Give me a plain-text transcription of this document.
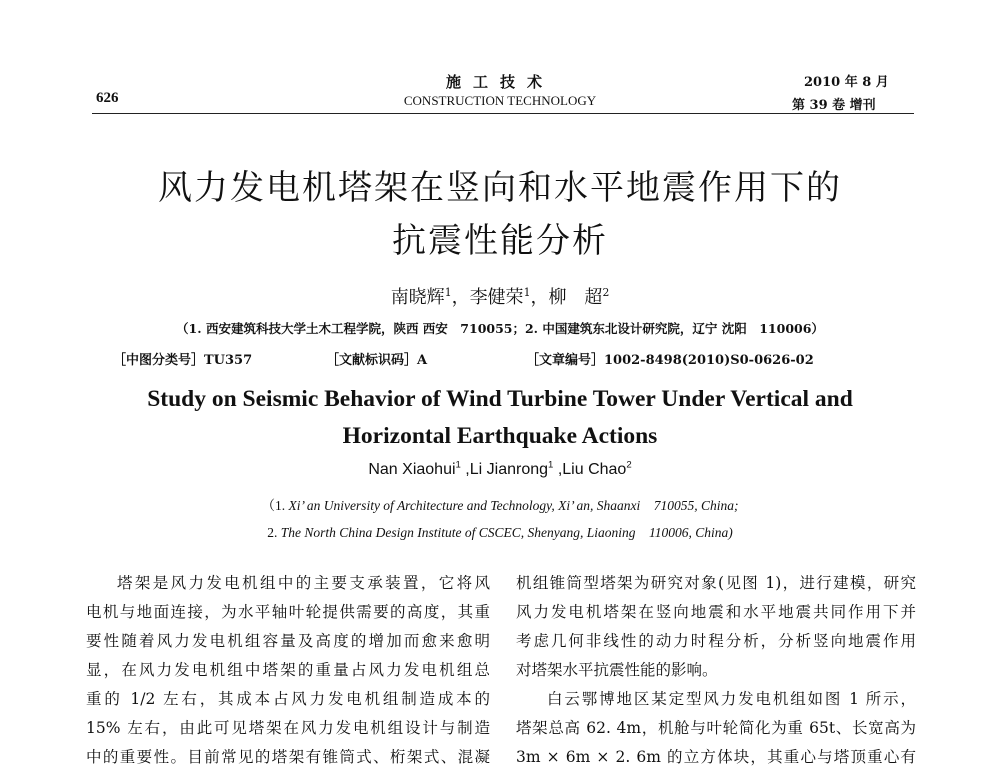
626
施工技术
CONSTRUCTION TECHNOLOGY
2010 年 8 月
第 39 卷 增刊
风力发电机塔架在竖向和水平地震作用下的
抗震性能分析
南晓辉$^1$，李健荣$^1$，柳　超$^2$
（1. 西安建筑科技大学土木工程学院，陕西 西安　710055；2. 中国建筑东北设计研究院，辽宁 沈阳　110006）
［中图分类号］TU357	［文献标识码］A	［文章编号］1002-8498(2010)S0-0626-02
Study on Seismic Behavior of Wind Turbine Tower Under Vertical and
Horizontal Earthquake Actions
Nan Xiaohui$^1$ ,Li Jianrong$^1$ ,Liu Chao$^2$
（1. Xi’ an University of Architecture and Technology, Xi’ an, Shaanxi　710055, China;
2. The North China Design Institute of CSCEC, Shenyang, Liaoning　110006, China)
塔架是风力发电机组中的主要支承装置，它将风
电机与地面连接，为水平轴叶轮提供需要的高度，其重
要性随着风力发电机组容量及高度的增加而愈来愈明
显，在风力发电机组中塔架的重量占风力发电机组总
重的 1/2 左右，其成本占风力发电机组制造成本的
15% 左右，由此可见塔架在风力发电机组设计与制造
中的重要性。目前常见的塔架有锥筒式、桁架式、混凝
机组锥筒型塔架为研究对象(见图 1)，进行建模，研究
风力发电机塔架在竖向地震和水平地震共同作用下并
考虑几何非线性的动力时程分析，分析竖向地震作用
对塔架水平抗震性能的影响。
白云鄂博地区某定型风力发电机组如图 1 所示，
塔架总高 62. 4m，机舱与叶轮简化为重 65t、长宽高为
3m × 6m × 2. 6m 的立方体块，其重心与塔顶重心有
